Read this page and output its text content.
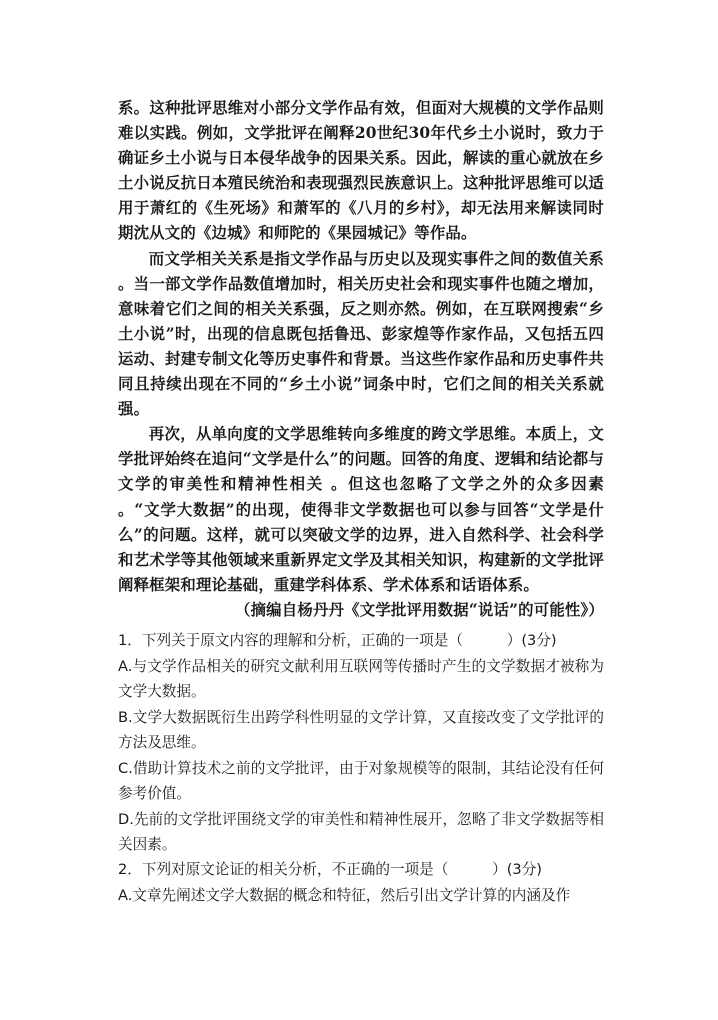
系。这种批评思维对小部分文学作品有效，但面对大规模的文学作品则难以实践。例如，文学批评在阐释20世纪30年代乡土小说时，致力于确证乡土小说与日本侵华战争的因果关系。因此，解读的重心就放在乡土小说反抗日本殖民统治和表现强烈民族意识上。这种批评思维可以适用于萧红的《生死场》和萧军的《八月的乡村》，却无法用来解读同时期沈从文的《边城》和师陀的《果园城记》等作品。

而文学相关关系是指文学作品与历史以及现实事件之间的数值关系 。当一部文学作品数值增加时，相关历史社会和现实事件也随之增加，意味着它们之间的相关关系强，反之则亦然。例如，在互联网搜索“乡土小说”时，出现的信息既包括鲁迅、彭家煌等作家作品，又包括五四运动、封建专制文化等历史事件和背景。当这些作家作品和历史事件共同且持续出现在不同的“乡土小说”词条中时，它们之间的相关关系就强。

再次，从单向度的文学思维转向多维度的跨文学思维。本质上，文学批评始终在追问“文学是什么”的问题。回答的角度、逻辑和结论都与文学的审美性和精神性相关 。但这也忽略了文学之外的众多因素 。“文学大数据”的出现，使得非文学数据也可以参与回答“文学是什么”的问题。这样，就可以突破文学的边界，进入自然科学、社会科学和艺术学等其他领域来重新界定文学及其相关知识，构建新的文学批评阐释框架和理论基础，重建学科体系、学术体系和话语体系。

（摘编自杨丹丹《文学批评用数据“说话”的可能性》）

1．下列关于原文内容的理解和分析，正确的一项是（　　　）(3分)

A.与文学作品相关的研究文献利用互联网等传播时产生的文学数据才被称为文学大数据。

B.文学大数据既衍生出跨学科性明显的文学计算，又直接改变了文学批评的方法及思维。

C.借助计算技术之前的文学批评，由于对象规模等的限制，其结论没有任何参考价值。

D.先前的文学批评围绕文学的审美性和精神性展开，忽略了非文学数据等相关因素。

2．下列对原文论证的相关分析，不正确的一项是（　　　）(3分)

A.文章先阐述文学大数据的概念和特征，然后引出文学计算的内涵及作
